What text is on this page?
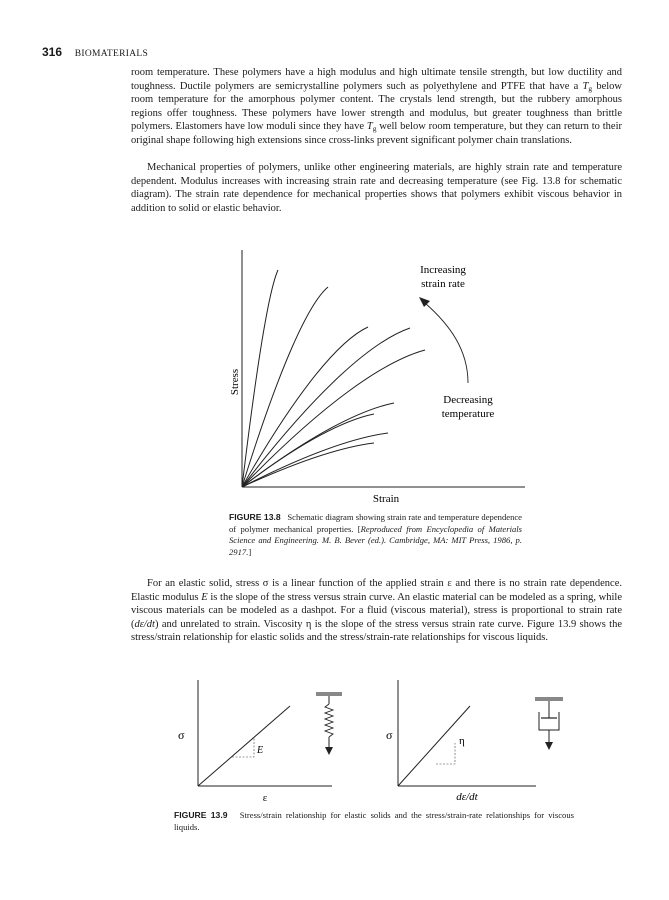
316 BIOMATERIALS

room temperature. These polymers have a high modulus and high ultimate tensile strength, but low ductility and toughness. Ductile polymers are semicrystalline polymers such as polyethylene and PTFE that have a $T_g$ below room temperature for the amorphous polymer content. The crystals lend strength, but the rubbery amorphous regions offer toughness. These polymers have lower strength and modulus, but greater toughness than brittle polymers. Elastomers have low moduli since they have $T_g$ well below room temperature, but they can return to their original shape following high extensions since cross-links prevent significant polymer chain translations.

Mechanical properties of polymers, unlike other engineering materials, are highly strain rate and temperature dependent. Modulus increases with increasing strain rate and decreasing temperature (see Fig. 13.8 for schematic diagram). The strain rate dependence for mechanical properties shows that polymers exhibit viscous behavior in addition to solid or elastic behavior.

Stress
Strain
Increasing
strain rate
Decreasing
temperature

FIGURE 13.8 Schematic diagram showing strain rate and temperature dependence of polymer mechanical properties. [Reproduced from Encyclopedia of Materials Science and Engineering. M. B. Bever (ed.). Cambridge, MA: MIT Press, 1986, p. 2917.]

For an elastic solid, stress σ is a linear function of the applied strain ε and there is no strain rate dependence. Elastic modulus E is the slope of the stress versus strain curve. An elastic material can be modeled as a spring, while viscous materials can be modeled as a dashpot. For a fluid (viscous material), stress is proportional to strain rate (dε/dt) and unrelated to strain. Viscosity η is the slope of the stress versus strain rate curve. Figure 13.9 shows the stress/strain relationship for elastic solids and the stress/strain-rate relationships for viscous liquids.

σ
E
ε
σ	η
dε/dt

FIGURE 13.9 Stress/strain relationship for elastic solids and the stress/strain-rate relationships for viscous liquids.
